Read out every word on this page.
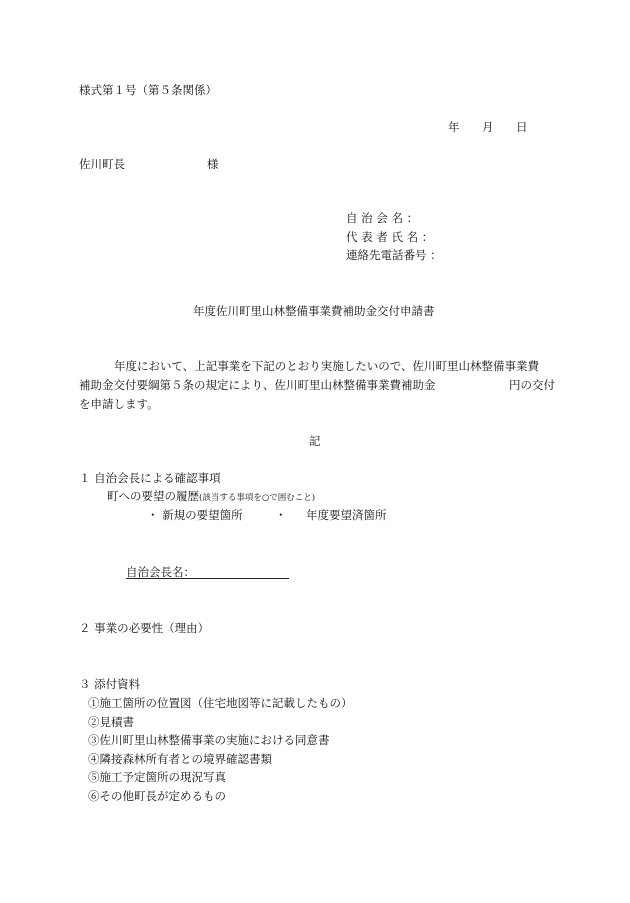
様式第１号（第５条関係）
年 月 日
佐川町長	様
自 治 会 名 ：
代 表 者 氏 名 ：
連絡先電話番号 ：
年度佐川町里山林整備事業費補助金交付申請書
年度において、上記事業を下記のとおり実施したいので、佐川町里山林整備事業費
補助金交付要綱第５条の規定により、佐川町里山林整備事業費補助金	円の交付
を申請します。
記
１ 自治会長による確認事項
町への要望の履歴(該当する事項を○で囲むこと)
・ 新規の要望箇所	・ 年度要望済箇所
自治会長名：
２ 事業の必要性（理由）
３ 添付資料
①施工箇所の位置図（住宅地図等に記載したもの）
②見積書
③佐川町里山林整備事業の実施における同意書
④隣接森林所有者との境界確認書類
⑤施工予定箇所の現況写真
⑥その他町長が定めるもの
